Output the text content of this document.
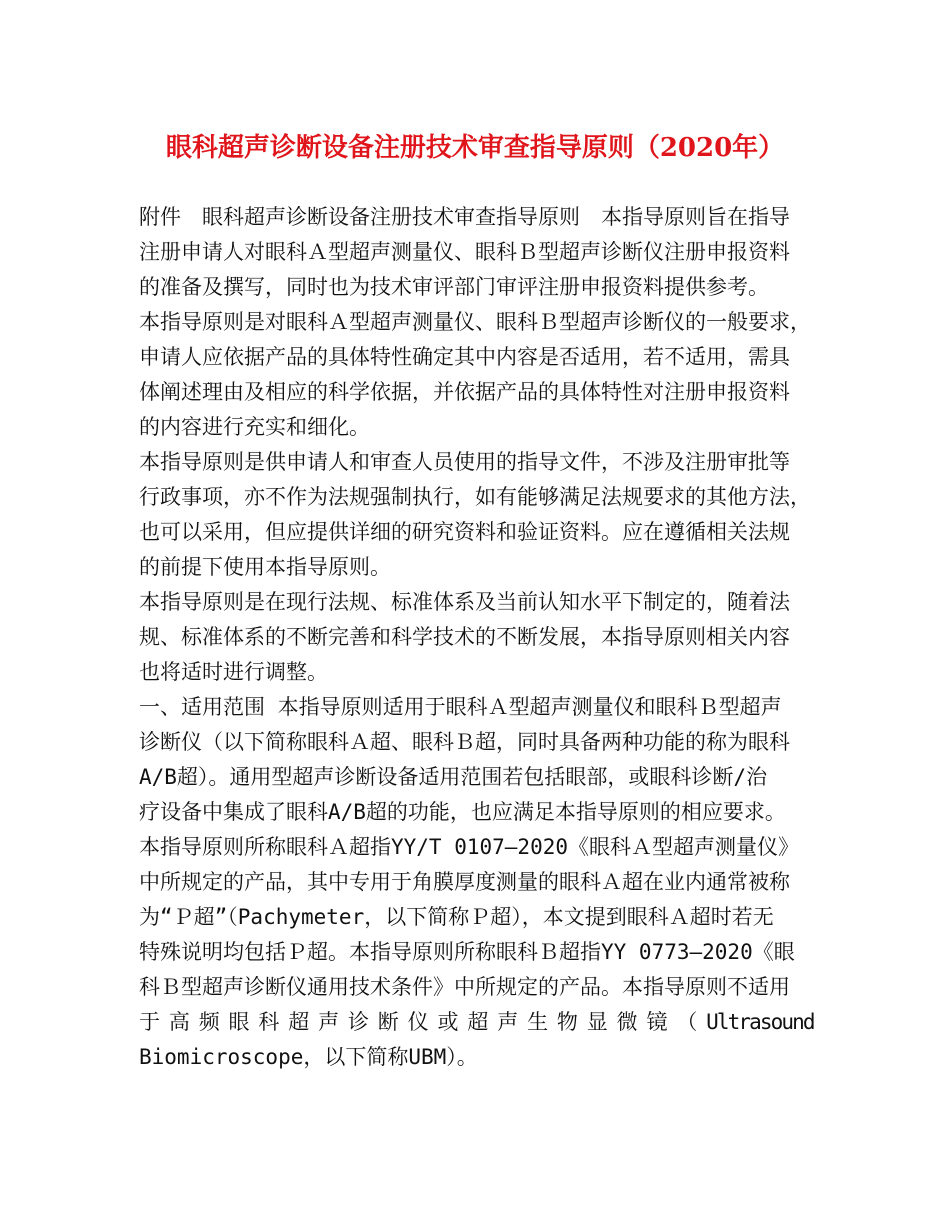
眼科超声诊断设备注册技术审查指导原则（2020年）
附件　眼科超声诊断设备注册技术审查指导原则　本指导原则旨在指导
注册申请人对眼科Ａ型超声测量仪、眼科Ｂ型超声诊断仪注册申报资料
的准备及撰写，同时也为技术审评部门审评注册申报资料提供参考。
本指导原则是对眼科Ａ型超声测量仪、眼科Ｂ型超声诊断仪的一般要求，
申请人应依据产品的具体特性确定其中内容是否适用，若不适用，需具
体阐述理由及相应的科学依据，并依据产品的具体特性对注册申报资料
的内容进行充实和细化。
本指导原则是供申请人和审查人员使用的指导文件，不涉及注册审批等
行政事项，亦不作为法规强制执行，如有能够满足法规要求的其他方法，
也可以采用，但应提供详细的研究资料和验证资料。应在遵循相关法规
的前提下使用本指导原则。
本指导原则是在现行法规、标准体系及当前认知水平下制定的，随着法
规、标准体系的不断完善和科学技术的不断发展，本指导原则相关内容
也将适时进行调整。
一、适用范围 本指导原则适用于眼科Ａ型超声测量仪和眼科Ｂ型超声
诊断仪（以下简称眼科Ａ超、眼科Ｂ超，同时具备两种功能的称为眼科
A/B超）。通用型超声诊断设备适用范围若包括眼部，或眼科诊断/治
疗设备中集成了眼科A/B超的功能，也应满足本指导原则的相应要求。
本指导原则所称眼科Ａ超指YY/T 0107—2020《眼科Ａ型超声测量仪》
中所规定的产品，其中专用于角膜厚度测量的眼科Ａ超在业内通常被称
为“Ｐ超”（Pachymeter，以下简称Ｐ超），本文提到眼科Ａ超时若无
特殊说明均包括Ｐ超。本指导原则所称眼科Ｂ超指YY 0773—2020《眼
科Ｂ型超声诊断仪通用技术条件》中所规定的产品。本指导原则不适用
于 高 频 眼 科 超 声 诊 断 仪 或 超 声 生 物 显 微 镜 （ Ultrasound
Biomicroscope，以下简称UBM）。
